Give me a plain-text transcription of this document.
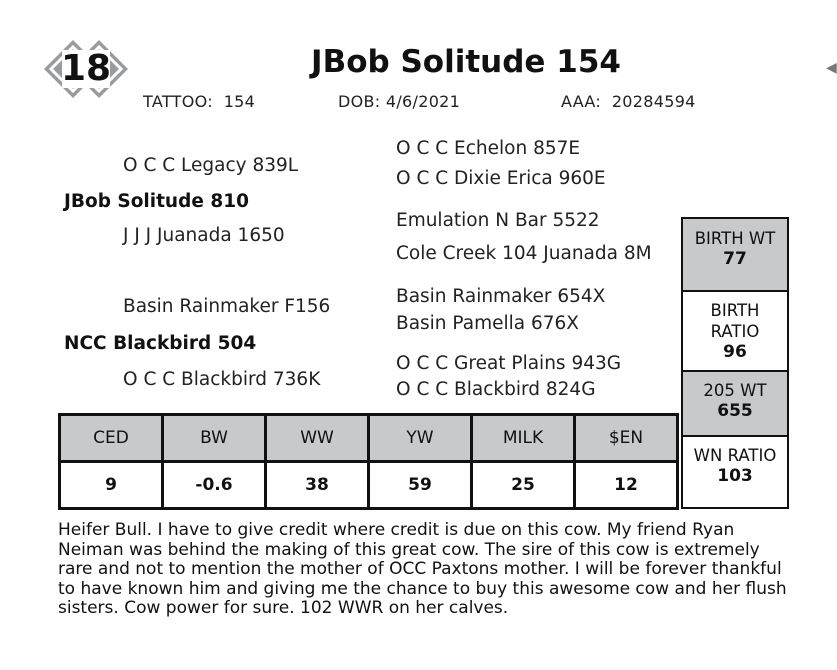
18	◀
JBob Solitude 154
TATTOO: 154	DOB: 4/6/2021	AAA: 20284594
O C C Legacy 839L
JBob Solitude 810
J J J Juanada 1650
O C C Echelon 857E
O C C Dixie Erica 960E
Emulation N Bar 5522
Cole Creek 104 Juanada 8M
Basin Rainmaker F156
NCC Blackbird 504
O C C Blackbird 736K
Basin Rainmaker 654X
Basin Pamella 676X
O C C Great Plains 943G
O C C Blackbird 824G
CED	BW	WW	YW	MILK	$EN
9	-0.6	38	59	25	12
BIRTH WT
77
BIRTH
RATIO
96
205 WT
655
WN RATIO
103
Heifer Bull. I have to give credit where credit is due on this cow. My friend Ryan Neiman was behind the making of this great cow. The sire of this cow is extremely rare and not to mention the mother of OCC Paxtons mother. I will be forever thankful to have known him and giving me the chance to buy this awesome cow and her flush sisters. Cow power for sure. 102 WWR on her calves.
